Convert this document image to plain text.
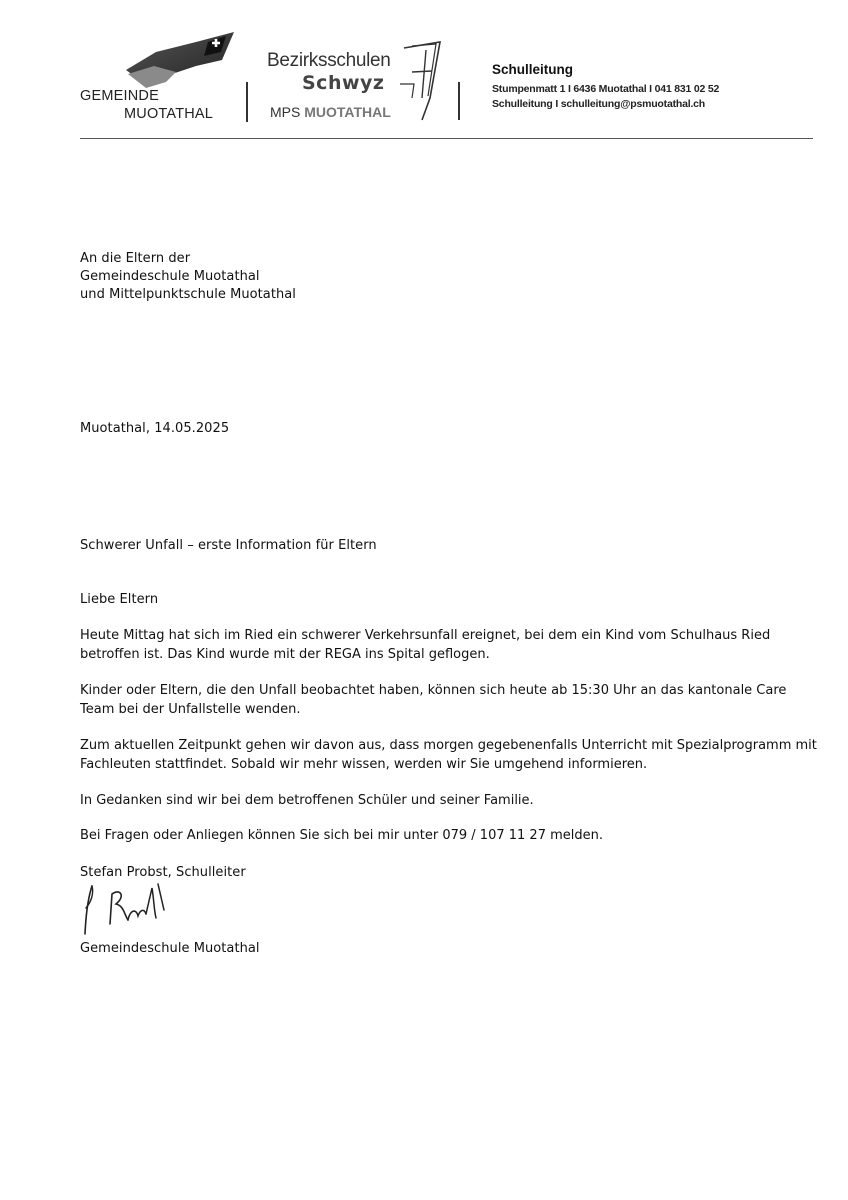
GEMEINDE
MUOTATHAL
Bezirksschulen
Schwyz
MPS MUOTATHAL
Schulleitung
Stumpenmatt 1 I 6436 Muotathal I 041 831 02 52
Schulleitung I schulleitung@psmuotathal.ch
An die Eltern der
Gemeindeschule Muotathal
und Mittelpunktschule Muotathal
Muotathal, 14.05.2025
Schwerer Unfall – erste Information für Eltern
Liebe Eltern
Heute Mittag hat sich im Ried ein schwerer Verkehrsunfall ereignet, bei dem ein Kind vom Schulhaus Ried betroffen ist. Das Kind wurde mit der REGA ins Spital geflogen.
Kinder oder Eltern, die den Unfall beobachtet haben, können sich heute ab 15:30 Uhr an das kantonale Care Team bei der Unfallstelle wenden.
Zum aktuellen Zeitpunkt gehen wir davon aus, dass morgen gegebenenfalls Unterricht mit Spezialprogramm mit Fachleuten stattfindet. Sobald wir mehr wissen, werden wir Sie umgehend informieren.
In Gedanken sind wir bei dem betroffenen Schüler und seiner Familie.
Bei Fragen oder Anliegen können Sie sich bei mir unter 079 / 107 11 27 melden.
Stefan Probst, Schulleiter
Gemeindeschule Muotathal
